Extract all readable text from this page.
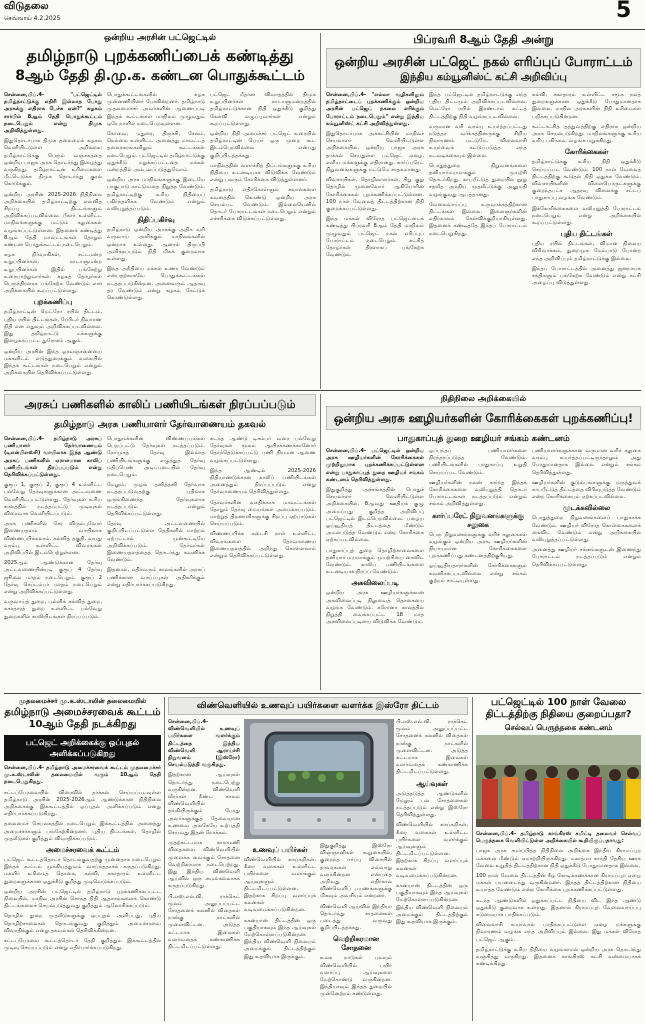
விடுதலை
செவ்வாய் 4.2.2025	5
ஒன்றிய அரசின் பட்ஜெட்டில்
தமிழ்நாடு புறக்கணிப்பைக் கண்டித்து
8ஆம் தேதி தி.மு.க. கண்டன பொதுக்கூட்டம்

சென்னை,பிப்.4- "பட்ஜெட்டில் தமிழ்நாட்டுக்கு எதிரி இல்லாத போது அரசுக்கு எதிராக பேச்சு ஏன்?" கழகம் சார்பில் 8ஆம் தேதி பொதுக்கூட்டம் நடைபெறும் என்று திமுக அறிவித்துள்ளது.

இதுதொடர்பாக திமுக தலைமைக் கழகம் வெளியிட்டுள்ள அறிக்கை: தமிழ்நாட்டுக்கு பெரும் வஞ்சகத்தை ஒன்றிய பாஜக அரசு தொடர்ந்து இழைத்து வருகிறது. தமிழ்நாட்டின் உரிமைகளை மீட்டெடுக்க திமுக தொடர்ந்து குரல் கொடுக்கும்.

ஒன்றிய அரசின் 2025-2026 நிதிநிலை அறிக்கையில் தமிழ்நாட்டிற்கு எவ்வித சிறப்பு திட்டங்களும் அறிவிக்கப்படவில்லை. பீகார் உள்ளிட்ட மாநிலங்களுக்கு மட்டும் சலுகைகள் வழங்கப்பட்டுள்ளன. இதனைக் கண்டித்து 8ஆம் தேதி மாவட்டங்கள் தோறும் கண்டன பொதுக்கூட்டம் நடைபெறும்.

கழக நிர்வாகிகள், சட்டமன்ற உறுப்பினர்கள், நாடாளுமன்ற உறுப்பினர்கள் இதில் பங்கேற்று உரையாற்றுவார்கள். கழகத் தோழர்கள் பெருந்திரளாக பங்கேற்க வேண்டும் என அறிக்கையில் கூறப்பட்டுள்ளது.

புறக்கணிப்பு

தமிழ்நாட்டின் மெட்ரோ ரயில் திட்டம், புதிய ரயில் திட்டங்கள், பேரிடர் நிவாரண நிதி என எதுவும் அறிவிக்கப்படவில்லை. இது தமிழ்நாட்டு மக்களுக்கு இழைக்கப்பட்ட துரோகம் ஆகும்.

ஒன்றிய அரசின் இந்த ஓரவஞ்சனையை மக்களிடம் எடுத்துரைக்கும் வகையில் இந்தக் கூட்டங்கள் நடைபெறும் என்றும் அறிக்கையில் தெரிவிக்கப்பட்டுள்ளது.

பொதுக்கூட்டங்களில் கழக முன்னணியினர் பேசுகின்றனர். தமிழ்நாடு முதலமைச்சர் அவர்களின் ஆணைப்படி இந்தக் கூட்டங்கள் மாநிலம் முழுவதும் ஒரே நாளில் நடைபெறவுள்ளன.

கோவை, மதுரை, திருச்சி, சேலம், நெல்லை உள்ளிட்ட அனைத்து மாவட்டத் தலைநகரங்களிலும் கூட்டங்கள் நடைபெறும். பட்ஜெட்டில் தமிழ்நாட்டுக்கு ஒதுக்கீடு மறுக்கப்பட்டதை மக்கள் மன்றத்தில் அம்பலப்படுத்துவோம்.

ஒன்றிய அரசு மாநிலங்களுக்கு இடையே பாகுபாடு காட்டுவதை நிறுத்த வேண்டும். தமிழ்நாட்டிற்கு உரிய நிதியைப் பகிர்ந்தளிக்க வேண்டும் என்றும் வலியுறுத்தப்படும்.

நிதிப்பகிர்வு

தமிழ்நாடு ஒன்றிய அரசுக்கு அதிக வரி வருவாய் அளிக்கும் மாநிலங்களில் ஒன்றாக உள்ளது. ஆனால் திருப்பி அளிக்கப்படும் நிதி மிகக் குறைவாக உள்ளது.

இந்த அநீதியை மக்கள் உணர வேண்டும் என்பதற்காகவே பொதுக்கூட்டங்கள் நடத்தப்படுகின்றன. அனைவரும் ஆதரவு தர வேண்டும் என்று கழகம் கேட்டுக் கொண்டுள்ளது.

பட்ஜெட் மீதான விவாதத்தில் திமுக உறுப்பினர்கள் நாடாளுமன்றத்தில் தமிழ்நாட்டுக்கான நிதி ஒதுக்கீடு குறித்து கேள்வி எழுப்புவார்கள் என்றும் கூறப்பட்டுள்ளது.

ஒன்றிய நிதி அமைச்சர் பட்ஜெட் உரையில் தமிழ்நாட்டின் பெயர் ஒரு முறை கூட இடம்பெறவில்லை என்பது குறிப்பிடத்தக்கது.

மாநிலத்தின் வளர்ச்சித் திட்டங்களுக்கு உரிய நிதியை உடனடியாக விடுவிக்க வேண்டும் என்று பலரும் கோரிக்கை விடுத்துள்ளனர்.

தமிழ்நாடு எதிர்கொள்ளும் சவால்களை கவனத்தில் கொண்டு ஒன்றிய அரசு செயல்பட வேண்டும். இல்லையெனில் தொடர் போராட்டங்கள் நடைபெறும் என்றும் எச்சரிக்கை விடுக்கப்பட்டுள்ளது.

பிப்ரவரி 8ஆம் தேதி அன்று
ஒன்றிய அரசின் பட்ஜெட் நகல் எரிப்புப் போராட்டம்
இந்திய கம்யூனிஸ்ட் கட்சி அறிவிப்பு

சென்னை,பிப்.4- "எல்லா வழிகளிலும் தமிழ்நாட்டைப் புறக்கணிக்கும் ஒன்றிய அரசின் பட்ஜெட் நகலை எரிக்கும் போராட்டம் நடைபெறும்" என்று இந்திய கம்யூனிஸ்ட் கட்சி அறிவித்துள்ளது.

இதுதொடர்பாக அக்கட்சியின் மாநிலச் செயலாளர் வெளியிட்டுள்ள அறிக்கையில், ஒன்றிய பாஜக அரசு தாக்கல் செய்துள்ள பட்ஜெட் ஏழை, எளிய மக்களுக்கு எதிரானது. கார்ப்பரேட் நிறுவனங்களுக்கு மட்டுமே சாதகமானது.

விவசாயிகள், தொழிலாளர்கள், சிறு குறு தொழில் முனைவோர் ஆகியோரின் கோரிக்கைகள் புறக்கணிக்கப்பட்டுள்ளன. 100 நாள் வேலைத் திட்டத்திற்கான நிதி குறைக்கப்பட்டுள்ளது.

இந்த மக்கள் விரோத பட்ஜெட்டைக் கண்டித்து பிப்ரவரி 8ஆம் தேதி மாநிலம் முழுவதும் பட்ஜெட் நகல் எரிப்புப் போராட்டம் நடைபெறும். கட்சித் தோழர்கள் திரளாகப் பங்கேற்க வேண்டும்.

இந்த பட்ஜெட்டில் தமிழ்நாட்டுக்கு எந்த புதிய திட்டமும் அறிவிக்கப்படவில்லை. மெட்ரோ ரயில் இரண்டாம் கட்டத் திட்டத்திற்கு நிதி வழங்கப்படவில்லை.

வருமான வரி வரம்பு உயர்த்தப்பட்டது நடுத்தர வர்க்கத்தினருக்கு சிறிய நிவாரணம் மட்டுமே. விலைவாசி உயர்வைக் கட்டுப்படுத்த எந்த நடவடிக்கையும் இல்லை.

பொதுத்துறை நிறுவனங்களை தனியார்மயமாக்கும் முயற்சி தொடர்கிறது. காப்பீட்டுத் துறையில் நூறு சதவீத அந்நிய முதலீட்டுக்கு அனுமதி வழங்குவது ஆபத்தானது.

வேலைவாய்ப்பு உருவாக்கத்திற்கான திட்டங்கள் இல்லை. இளைஞர்களின் எதிர்காலம் கேள்விக்குறியாகியுள்ளது. இதனைக் கண்டித்தே இந்தப் போராட்டம் நடைபெறுகிறது.

கல்வி, சுகாதாரம் உள்ளிட்ட சமூக நலத் துறைகளுக்கான ஒதுக்கீடு போதுமானதாக இல்லை. மாநில அரசுகளின் நிதி உரிமைகள் பறிக்கப்படுகின்றன.

கூட்டாட்சித் தத்துவத்திற்கு எதிராக ஒன்றிய அரசு செயல்படுகிறது. மாநிலங்களுக்கு உரிய வரிப் பகிர்வை வழங்க மறுக்கிறது.

கோரிக்கைகள்

தமிழ்நாட்டுக்கு உரிய நிதி ஒதுக்கீடு செய்யப்பட வேண்டும். 100 நாள் வேலைத் திட்டத்திற்கு கூடுதல் நிதி ஒதுக்க வேண்டும். விவசாயிகளின் விளைபொருட்களுக்கு குறைந்தபட்ச ஆதரவு விலைக்கு சட்டப் பாதுகாப்பு வழங்க வேண்டும்.

இக்கோரிக்கைகளை வலியுறுத்தி போராட்டம் நடைபெறும் என்று அறிக்கையில் கூறப்பட்டுள்ளது.

புதிய திட்டங்கள்

புதிய ரயில் திட்டங்கள், விமான நிலைய விரிவாக்கம், துறைமுக மேம்பாடு போன்ற எந்த அறிவிப்பும் தமிழ்நாட்டுக்கு இல்லை.

இந்தப் போராட்டத்தில் அனைத்து ஜனநாயக சக்திகளும் பங்கேற்க வேண்டும் என்று கட்சி அழைப்பு விடுத்துள்ளது.

அரசுப் பணிகளில் காலிப் பணியிடங்கள் நிரப்பப்படும்
தமிழ்நாடு அரசு பணியாளர் தேர்வாணையம் தகவல்

சென்னை,பிப்.4- தமிழ்நாடு அரசுப் பணியாளர் தேர்வாணையம் (டிஎன்பிஎஸ்சி) வாயிலாக இந்த ஆண்டு அரசுப் பணிகளில் ஏராளமான காலிப் பணியிடங்கள் நிரப்பப்படும் என்று தெரிவிக்கப்பட்டுள்ளது.

குரூப் 1, குரூப் 2, குரூப் 4 உள்ளிட்ட பல்வேறு தேர்வுகளுக்கான அட்டவணை வெளியிடப்பட்டுள்ளது. தேர்வுகள் உரிய காலத்தில் நடத்தப்பட்டு முடிவுகள் விரைவாக வெளியிடப்படும்.

அரசு பணிகளில் சேர விரும்புவோர் இணையதளம் வாயிலாக விண்ணப்பிக்கலாம். கல்வித் தகுதி, வயது வரம்பு உள்ளிட்ட விவரங்கள் அறிவிப்பில் இடம்பெற்றுள்ளன.

2025ஆம் ஆண்டுக்கான தேர்வு அட்டவணையின்படி குரூப் 4 தேர்வு ஜூலை மாதம் நடைபெறும். குரூப் 2 தேர்வு செப்டம்பர் மாதம் நடைபெறும் என்று அறிவிக்கப்பட்டுள்ளது.

வருவாய்த் துறை, பள்ளிக் கல்வித் துறை, சுகாதாரத் துறை உள்ளிட்ட பல்வேறு துறைகளில் காலியிடங்கள் நிரப்பப்படும்.

பொதுமக்களின் விண்ணப்பங்கள் பெறப்பட்டு தேர்வுகள் நடத்தப்படும். நேர்முகத் தேர்வு இல்லாத பணியிடங்களுக்கு எழுத்துத் தேர்வு மதிப்பெண் அடிப்படையில் தேர்வு நடைபெறும்.

மேலும், முழங் தனித்தனி தேர்வாக நடத்தப்படுவதற்கு பதிலாக ஒருங்கிணைந்த தேர்வுகளாக நடத்தப்படும் என்றும் தெரிவிக்கப்பட்டுள்ளது.

தேர்வு அட்டவணையில் குறிப்பிடப்பட்டுள்ள தேதிகளில் மாற்றம் ஏற்பட்டால் முன்கூட்டியே அறிவிக்கப்படும். தேர்வர்கள் இணையதளத்தைத் தொடர்ந்து கவனிக்க வேண்டும்.

இதனால், எதிர்வரும் காலங்களில் அரசுப் பணிக்கான வாய்ப்புகள் அதிகரிக்கும் என்று எதிர்பார்க்கப்படுகிறது.

கடந்த ஆண்டு டிசம்பர் வரை பல்வேறு தேர்வுகள் மூலம் ஆயிரக்கணக்கானோர் தேர்ந்தெடுக்கப்பட்டு பணி நியமன ஆணை வழங்கப்பட்டுள்ளது.

இந்த ஆண்டில் 2025-2026 நிதியாண்டுக்கான காலிப் பணியிடங்கள் அனைத்தும் நிரப்பப்படும் என்று தேர்வாணையம் தெரிவித்துள்ளது.

தேர்வர்களின் வசதிக்காக மாவட்டங்கள் தோறும் தேர்வு மையங்கள் அமைக்கப்படும். மாற்றுத் திறனாளிகளுக்கு சிறப்பு ஏற்பாடுகள் செய்யப்படும்.

விண்ணப்பிக்க கடைசி நாள் உள்ளிட்ட விவரங்களை தேர்வாணைய இணையதளத்தில் அறிந்து கொள்ளலாம் என்றும் தெரிவிக்கப்பட்டுள்ளது.

நிதிநிலை அறிக்கையில்
ஒன்றிய அரசு ஊழியர்களின் கோரிக்கைகள் புறக்கணிப்பு!
பாதுகாப்புத் துறை ஊழியர் சங்கம் கண்டனம்

சென்னை,பிப்.4- பட்ஜெட்டில் ஒன்றிய அரசு ஊழியர்களின் கோரிக்கைகள் முற்றிலுமாக புறக்கணிக்கப்பட்டுள்ளன என்று பாதுகாப்புத் துறை ஊழியர் சங்கம் கண்டனம் தெரிவித்துள்ளது.

இதுகுறித்து அச்சங்கத்தின் பொதுச் செயலாளர் வெளியிட்டுள்ள அறிக்கையில், 8ஆவது ஊதியக் குழு அமைப்பது குறித்த அறிவிப்பு பட்ஜெட்டில் இடம்பெறவில்லை. பழைய ஓய்வூதியத் திட்டத்தை மீண்டும் அமல்படுத்த வேண்டும் என்ற கோரிக்கை ஏற்கப்படவில்லை.

பாதுகாப்புத் துறை தொழிற்சாலைகளை தனியார் மயமாக்கும் முயற்சியை கைவிட வேண்டும். காலிப் பணியிடங்களை உடனடியாக நிரப்ப வேண்டும்.

அகவிலைப்படி

ஒன்றிய அரசு ஊழியர்களுக்கான அகவிலைப்படி நிலுவைத் தொகையை வழங்க வேண்டும். கரோனா காலத்தில் நிறுத்தி வைக்கப்பட்ட 18 மாத அகவிலைப்படியை விடுவிக்க வேண்டும்.

ஒப்பந்தப் பணியாளர்களை நிரந்தரப்படுத்த வேண்டும். பணியிடங்களில் பாதுகாப்பு உறுதி செய்யப்பட வேண்டும்.

ஊழியர்களின் நலன் சார்ந்த இந்தக் கோரிக்கைகளை வலியுறுத்தி தொடர் போராட்டங்கள் நடத்தப்படும் என்றும் சங்கம் அறிவித்துள்ளது.

கார்ப்பரேட் நிறுவனங்களுக்கு சலுகை

பெரு நிறுவனங்களுக்கு வரிச் சலுகைகள் வழங்கும் ஒன்றிய அரசு, ஊழியர்களின் நியாயமான கோரிக்கைகளை புறக்கணிப்பது கண்டனத்திற்குரியது.

ஓய்வூதியதாரர்களின் கோரிக்கைகளும் கவனிக்கப்படவில்லை என்று சங்கம் குற்றம் சாட்டியுள்ளது.

பணியாளர்களுக்கான வருமான வரிச் சலுகை வரம்பு உயர்த்தப்பட்டிருந்தாலும் அது போதுமானதாக இல்லை என்றும் சங்கம் தெரிவித்துள்ளது.

ஊழியர்களின் குடும்பங்களுக்கு மருத்துவக் காப்பீட்டுத் திட்டத்தை விரிவுபடுத்த வேண்டும் என்ற கோரிக்கையும் ஏற்கப்படவில்லை.

முடக்கவில்லை

பொதுத்துறை நிறுவனங்களைப் பாதுகாக்க வேண்டும். ஊழியர் விரோத கொள்கைகளைக் கைவிட வேண்டும் என்று அறிக்கையில் வலியுறுத்தப்பட்டுள்ளது.

அனைத்து ஊழியர் சங்கங்களுடன் இணைந்து போராட்டம் நடத்தப்படும் என்றும் தெரிவிக்கப்பட்டுள்ளது.

முதலமைச்சர் மு.க.ஸ்டாலின் தலைமையில்
தமிழ்நாடு அமைச்சரவைக் கூட்டம் 10ஆம் தேதி நடக்கிறது
பட்ஜெட் அறிக்கைக்கு ஒப்புதல் அளிக்கப்படுகிறது

சென்னை,பிப்.4- தமிழ்நாடு அமைச்சரவைக் கூட்டம் முதலமைச்சர் மு.க.ஸ்டாலின் தலைமையில் வரும் 10ஆம் தேதி நடைபெறுகிறது.

சட்டப்பேரவையில் விரைவில் தாக்கல் செய்யப்படவுள்ள தமிழ்நாடு அரசின் 2025-2026ஆம் ஆண்டுக்கான நிதிநிலை அறிக்கைக்கு இக்கூட்டத்தில் ஒப்புதல் அளிக்கப்படும் என்று எதிர்பார்க்கப்படுகிறது.

தலைமைச் செயலகத்தில் நடைபெறும் இக்கூட்டத்தில் அனைத்து அமைச்சர்களும் பங்கேற்கின்றனர். புதிய திட்டங்கள், தொழில் முதலீடுகள் குறித்தும் விவாதிக்கப்படும்.

அமைச்சரவைக் கூட்டம்

பட்ஜெட் கூட்டத்தொடர் தொடங்குவதற்கு முன்னதாக நடைபெறும் இந்தக் கூட்டம் முக்கியத்துவம் வாய்ந்ததாகக் கருதப்படுகிறது. மகளிர் உரிமைத் தொகை, கல்வி, சுகாதாரம் உள்ளிட்ட துறைகளுக்கான ஒதுக்கீடு குறித்து முடிவெடுக்கப்படும்.

ஒன்றிய அரசின் பட்ஜெட்டில் தமிழ்நாடு புறக்கணிக்கப்பட்ட நிலையில், மாநில அரசின் சொந்த நிதி ஆதாரங்களைக் கொண்டு திட்டங்களைச் செயல்படுத்துவது குறித்தும் ஆலோசிக்கப்படும்.

தொழில் துறை முதலீடுகளுக்கு ஒப்புதல் அளிப்பது, புதிய தொழிற்சாலைகள் தொடங்குவது குறித்தும் அமைச்சரவை விவாதிக்கும் என்று தகவல்கள் தெரிவிக்கின்றன.

சட்டப்பேரவை கூட்டத்தொடர் தேதி குறித்தும் இக்கூட்டத்தில் முடிவு செய்யப்படும் என்று எதிர்பார்க்கப்படுகிறது.

விண்வெளியில் உணவுப் பயிர்களை வளர்க்க இஸ்ரோ திட்டம்

சென்னை,பிப்.4- விண்வெளியில் உணவுப் பயிர்களை வளர்க்கும் திட்டத்தை இந்திய விண்வெளி ஆராய்ச்சி நிறுவனம் (இஸ்ரோ) செயல்படுத்தி வருகிறது.

இதற்கான ஆய்வுகள் தொடர்ந்து நடைபெற்று வருகின்றன. விண்வெளி வீரர்கள் நீண்ட காலம் விண்வெளியில் தங்கியிருக்கும் போது அவர்களுக்குத் தேவையான உணவை அங்கேயே உற்பத்தி செய்வது இதன் நோக்கம்.

முதற்கட்டமாக காராமணி விதைகளை விண்வெளியில் முளைக்க வைக்கும் சோதனை வெற்றிகரமாக நடைபெற்றது. இது இந்திய விண்வெளி ஆய்வில் ஒரு மைல்கல்லாகக் கருதப்படுகிறது.

பி.எஸ்.எல்.வி. ராக்கெட் மூலம் அனுப்பப்பட்ட சோதனைக் கலனில் விதைகள் நான்கு நாட்களில் முளைவிட்டன. அடுத்த கட்டமாக இலைகள் வளர்வதைக் கண்காணிக்க திட்டமிடப்பட்டுள்ளது.

உணவுப் பயிர்கள்

விண்வெளியில் காய்கறிகள், கீரை வகைகள் உள்ளிட்ட பயிர்களை வளர்க்கும் ஆய்வுகளும் திட்டமிடப்பட்டுள்ளன. இதற்காக சிறப்பு வளர்ப்புக் கலன்கள் வடிவமைக்கப்படுகின்றன.

ககன்யான் திட்டத்தின் ஒரு பகுதியாகவும் இந்த ஆய்வுகள் மேற்கொள்ளப்படுகின்றன. இந்திய விண்வெளி நிலையம் அமைக்கும் திட்டத்திற்கும் இது உதவியாக இருக்கும்.

இதுகுறித்து இஸ்ரோ விஞ்ஞானிகள் கூறுகையில், குறைந்த ஈர்ப்பு விசையில் தாவரங்கள் எவ்வாறு வளர்கின்றன என்பதை அறிவது எதிர்கால விண்வெளிப் பயணங்களுக்கு மிகவும் அவசியம் என்றனர்.

விண்வெளி ஆய்வில் இந்தியா தொடர்ந்து சாதனைகள் படைத்து வருவது குறிப்பிடத்தக்கது.

வெற்றிகரமான சோதனை

உலக நாடுகள் பலவும் விண்வெளியில் பயிர் வளர்ப்பு ஆய்வுகளை மேற்கொண்டு வருகின்றன. இந்தியாவும் இந்தத் துறையில் முன்னேற்றம் கண்டுள்ளது.

பி.எஸ்.எல்.வி. ராக்கெட் மூலம் அனுப்பப்பட்ட சோதனைக் கலனில் விதைகள் நான்கு நாட்களில் முளைவிட்டன. அடுத்த கட்டமாக இலைகள் வளர்வதைக் கண்காணிக்க திட்டமிடப்பட்டுள்ளது.

ஆய்வுகள்

அடுத்தடுத்த ஆண்டுகளில் மேலும் பல சோதனைகள் நடத்தப்படும் என்று இஸ்ரோ தெரிவித்துள்ளது.

விண்வெளியில் காய்கறிகள், கீரை வகைகள் உள்ளிட்ட பயிர்களை வளர்க்கும் ஆய்வுகளும் திட்டமிடப்பட்டுள்ளன. இதற்காக சிறப்பு வளர்ப்புக் கலன்கள் வடிவமைக்கப்படுகின்றன.

ககன்யான் திட்டத்தின் ஒரு பகுதியாகவும் இந்த ஆய்வுகள் மேற்கொள்ளப்படுகின்றன. இந்திய விண்வெளி நிலையம் அமைக்கும் திட்டத்திற்கும் இது உதவியாக இருக்கும்.

பட்ஜெட்டில் 100 நாள் வேலை திட்டத்திற்கு நிதியை குறைப்பதா?
செல்வப் பெருந்தகை கண்டனம்

சென்னை,பிப்.4- தமிழ்நாடு காங்கிரஸ் கமிட்டி தலைவர் செல்வப் பெருந்தகை வெளியிட்டுள்ள அறிக்கையில் கூறியிருப்பதாவது:

பாஜக அரசு சமர்ப்பித்த நிதிநிலை அறிக்கை இந்திய கிராமப்புற மக்களை மீண்டும் ஏமாற்றியிருக்கிறது. மகாத்மா காந்தி தேசிய ஊரக வேலை உறுதித் திட்டத்திற்கான நிதி ஒதுக்கீடு போதுமானதாக இல்லை.

100 நாள் வேலை திட்டத்தின் கீழ் கோடிக்கணக்கான கிராமப்புற ஏழை மக்கள் பயனடைந்து வருகின்றனர். இந்தத் திட்டத்திற்கான நிதியை உயர்த்த வேண்டும் என்ற கோரிக்கை புறக்கணிக்கப்பட்டுள்ளது.

கடந்த ஆண்டுகளில் ஒதுக்கப்பட்ட நிதியை விட இந்த ஆண்டு ஒதுக்கீடு குறைவாக உள்ளது. இதனால் கிராமப்புற வேலைவாய்ப்பு கடுமையாக பாதிக்கப்படும்.

விலைவாசி உயர்வால் பாதிக்கப்பட்டுள்ள ஏழை மக்களுக்கு நிவாரணம் வழங்க எந்த அறிவிப்பும் இல்லை. இது மக்கள் விரோத பட்ஜெட் ஆகும்.

தமிழ்நாட்டுக்கு உரிய நிதியை வழங்காமல் ஒன்றிய அரசு தொடர்ந்து வஞ்சித்து வருகிறது. இதனைக் காங்கிரஸ் கட்சி வன்மையாகக் கண்டிக்கிறது.
